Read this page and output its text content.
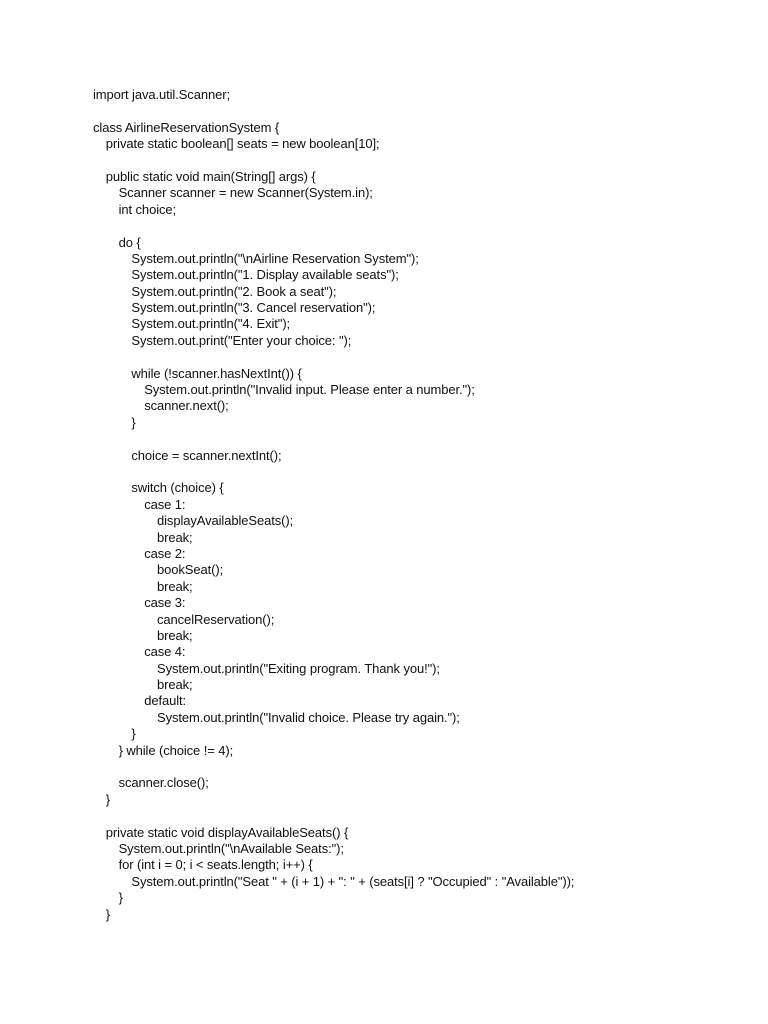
import java.util.Scanner;
class AirlineReservationSystem {
private static boolean[] seats = new boolean[10];
public static void main(String[] args) {
Scanner scanner = new Scanner(System.in);
int choice;
do {
System.out.println("\nAirline Reservation System");
System.out.println("1. Display available seats");
System.out.println("2. Book a seat");
System.out.println("3. Cancel reservation");
System.out.println("4. Exit");
System.out.print("Enter your choice: ");
while (!scanner.hasNextInt()) {
System.out.println("Invalid input. Please enter a number.");
scanner.next();
}
choice = scanner.nextInt();
switch (choice) {
case 1:
displayAvailableSeats();
break;
case 2:
bookSeat();
break;
case 3:
cancelReservation();
break;
case 4:
System.out.println("Exiting program. Thank you!");
break;
default:
System.out.println("Invalid choice. Please try again.");
}
} while (choice != 4);
scanner.close();
}
private static void displayAvailableSeats() {
System.out.println("\nAvailable Seats:");
for (int i = 0; i < seats.length; i++) {
System.out.println("Seat " + (i + 1) + ": " + (seats[i] ? "Occupied" : "Available"));
}
}
